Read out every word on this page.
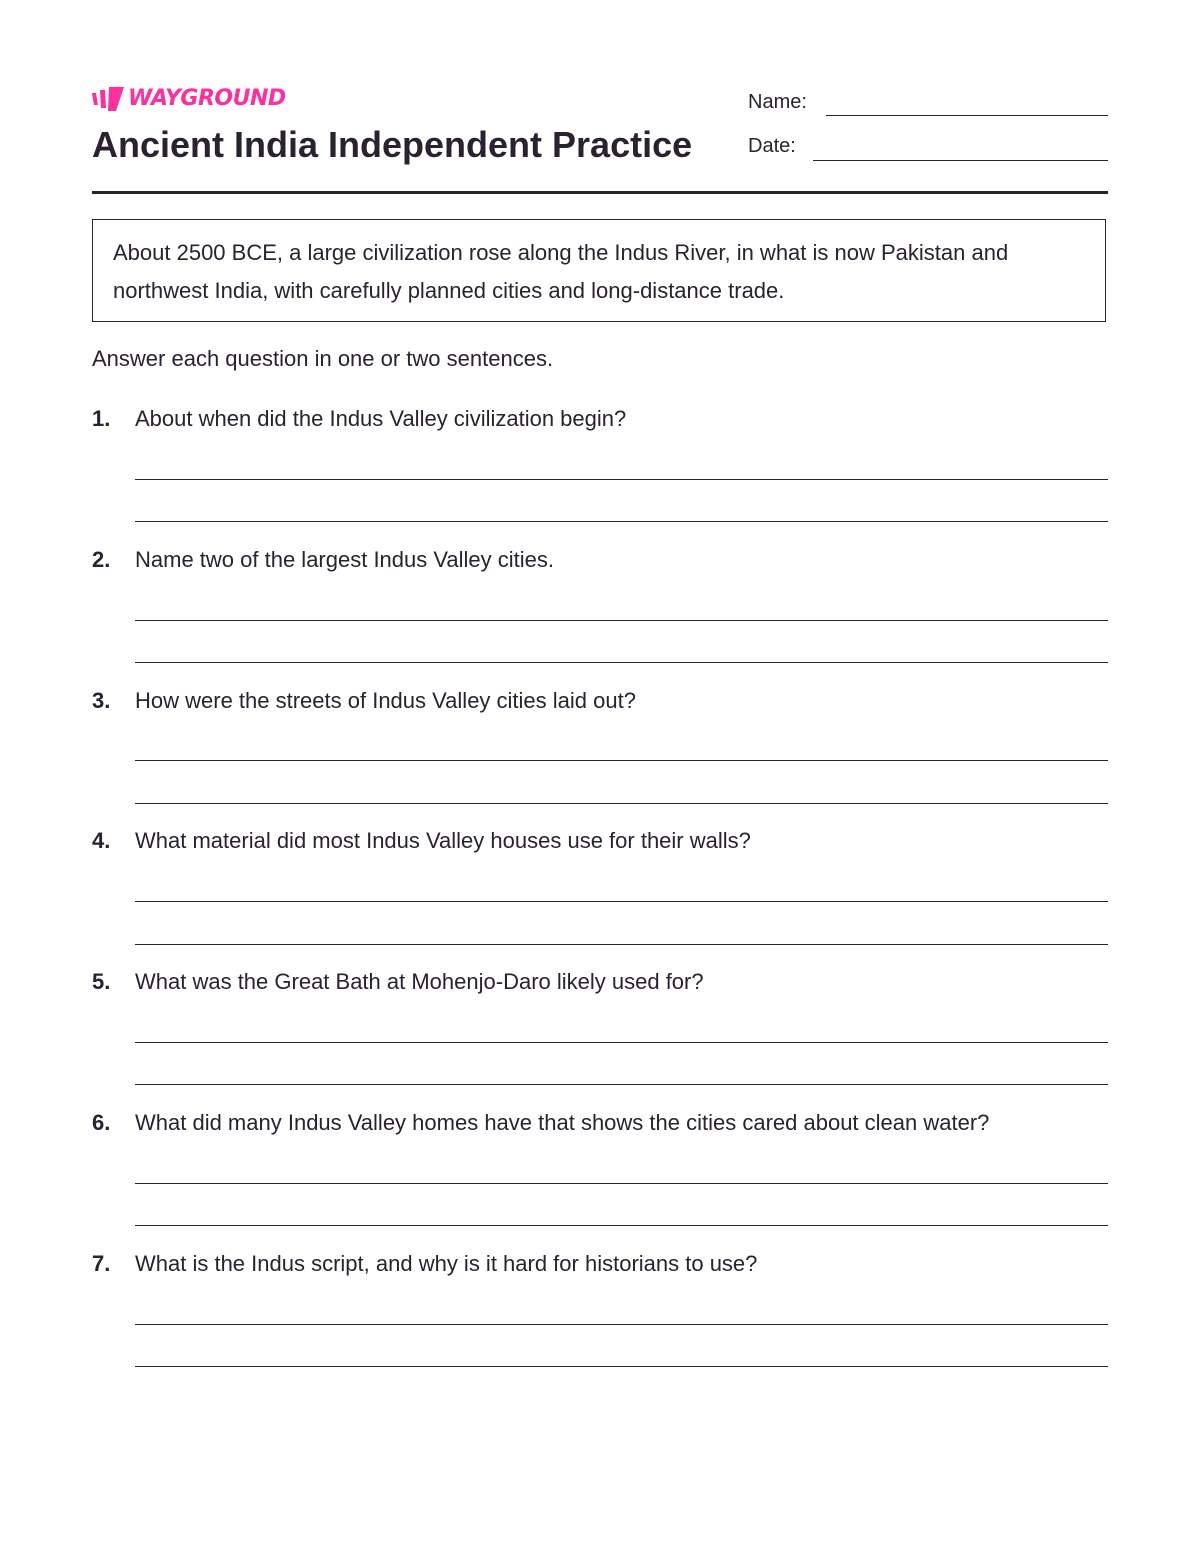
WAYGROUND
Ancient India Independent Practice
Name:
Date:
About 2500 BCE, a large civilization rose along the Indus River, in what is now Pakistan and northwest India, with carefully planned cities and long-distance trade.
Answer each question in one or two sentences.
1. About when did the Indus Valley civilization begin?
2. Name two of the largest Indus Valley cities.
3. How were the streets of Indus Valley cities laid out?
4. What material did most Indus Valley houses use for their walls?
5. What was the Great Bath at Mohenjo-Daro likely used for?
6. What did many Indus Valley homes have that shows the cities cared about clean water?
7. What is the Indus script, and why is it hard for historians to use?
